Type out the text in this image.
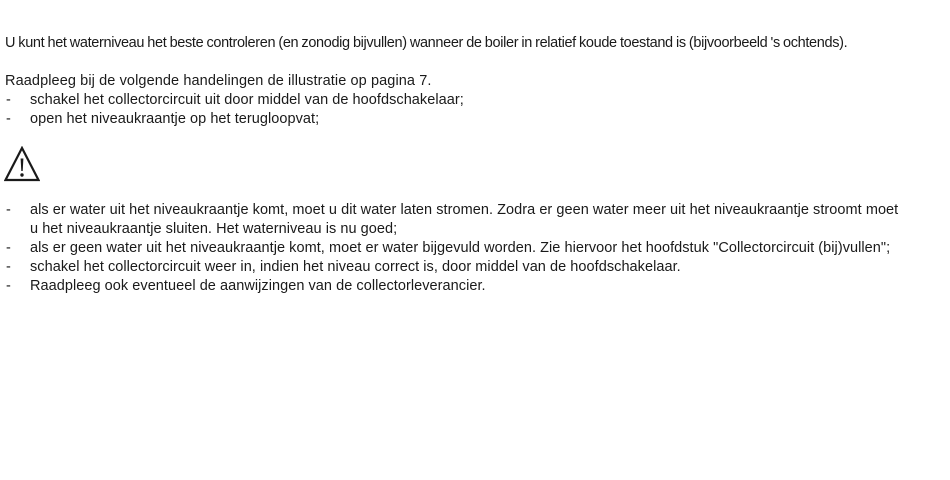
U kunt het waterniveau het beste controleren (en zonodig bijvullen) wanneer de boiler in relatief koude toestand is (bijvoorbeeld 's ochtends).
Raadpleeg bij de volgende handelingen de illustratie op pagina 7.
- schakel het collectorcircuit uit door middel van de hoofdschakelaar;
- open het niveaukraantje op het terugloopvat;
- als er water uit het niveaukraantje komt, moet u dit water laten stromen. Zodra er geen water meer uit het niveaukraantje stroomt moet
u het niveaukraantje sluiten. Het waterniveau is nu goed;
- als er geen water uit het niveaukraantje komt, moet er water bijgevuld worden. Zie hiervoor het hoofdstuk "Collectorcircuit (bij)vullen";
- schakel het collectorcircuit weer in, indien het niveau correct is, door middel van de hoofdschakelaar.
- Raadpleeg ook eventueel de aanwijzingen van de collectorleverancier.
